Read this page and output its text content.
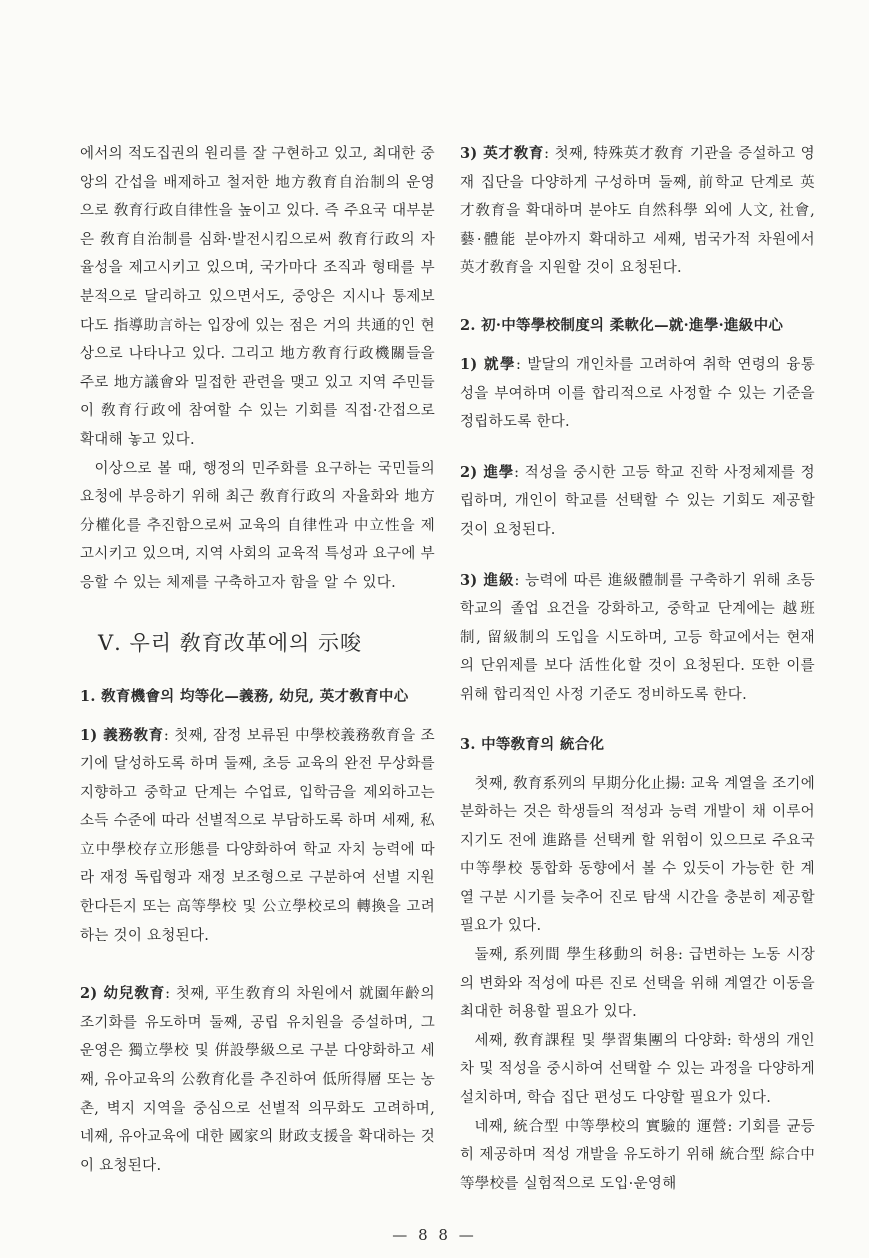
에서의 적도집권의 원리를 잘 구현하고 있고, 최대한 중앙의 간섭을 배제하고 철저한 地方敎育自治制의 운영으로 敎育行政自律性을 높이고 있다. 즉 주요국 대부분은 敎育自治制를 심화·발전시킴으로써 敎育行政의 자율성을 제고시키고 있으며, 국가마다 조직과 형태를 부분적으로 달리하고 있으면서도, 중앙은 지시나 통제보다도 指導助言하는 입장에 있는 점은 거의 共通的인 현상으로 나타나고 있다. 그리고 地方敎育行政機關들을 주로 地方議會와 밀접한 관련을 맺고 있고 지역 주민들이 敎育行政에 참여할 수 있는 기회를 직접·간접으로 확대해 놓고 있다.

이상으로 볼 때, 행정의 민주화를 요구하는 국민들의 요청에 부응하기 위해 최근 敎育行政의 자율화와 地方分權化를 추진함으로써 교육의 自律性과 中立性을 제고시키고 있으며, 지역 사회의 교육적 특성과 요구에 부응할 수 있는 체제를 구축하고자 함을 알 수 있다.

Ⅴ. 우리 敎育改革에의 示唆

1. 敎育機會의 均等化—義務, 幼兒, 英才敎育中心

1) 義務敎育: 첫째, 잠정 보류된 中學校義務敎育을 조기에 달성하도록 하며 둘째, 초등 교육의 완전 무상화를 지향하고 중학교 단계는 수업료, 입학금을 제외하고는 소득 수준에 따라 선별적으로 부담하도록 하며 세째, 私立中學校存立形態를 다양화하여 학교 자치 능력에 따라 재정 독립형과 재정 보조형으로 구분하여 선별 지원한다든지 또는 高等學校 및 公立學校로의 轉換을 고려하는 것이 요청된다.

2) 幼兒敎育: 첫째, 平生敎育의 차원에서 就園年齡의 조기화를 유도하며 둘째, 공립 유치원을 증설하며, 그 운영은 獨立學校 및 倂設學級으로 구분 다양화하고 세째, 유아교육의 公敎育化를 추진하여 低所得層 또는 농촌, 벽지 지역을 중심으로 선별적 의무화도 고려하며, 네째, 유아교육에 대한 國家의 財政支援을 확대하는 것이 요청된다.

3) 英才敎育: 첫째, 特殊英才敎育 기관을 증설하고 영재 집단을 다양하게 구성하며 둘째, 前학교 단계로 英才敎育을 확대하며 분야도 自然科學 외에 人文, 社會, 藝·體能 분야까지 확대하고 세째, 범국가적 차원에서 英才敎育을 지원할 것이 요청된다.

2. 初·中等學校制度의 柔軟化—就·進學·進級中心

1) 就學: 발달의 개인차를 고려하여 취학 연령의 융통성을 부여하며 이를 합리적으로 사정할 수 있는 기준을 정립하도록 한다.

2) 進學: 적성을 중시한 고등 학교 진학 사정체제를 정립하며, 개인이 학교를 선택할 수 있는 기회도 제공할 것이 요청된다.

3) 進級: 능력에 따른 進級體制를 구축하기 위해 초등 학교의 졸업 요건을 강화하고, 중학교 단계에는 越班制, 留級制의 도입을 시도하며, 고등 학교에서는 현재의 단위제를 보다 活性化할 것이 요청된다. 또한 이를 위해 합리적인 사정 기준도 정비하도록 한다.

3. 中等敎育의 統合化

첫째, 敎育系列의 早期分化止揚: 교육 계열을 조기에 분화하는 것은 학생들의 적성과 능력 개발이 채 이루어지기도 전에 進路를 선택케 할 위험이 있으므로 주요국 中等學校 통합화 동향에서 볼 수 있듯이 가능한 한 계열 구분 시기를 늦추어 진로 탐색 시간을 충분히 제공할 필요가 있다.

둘째, 系列間 學生移動의 허용: 급변하는 노동 시장의 변화와 적성에 따른 진로 선택을 위해 계열간 이동을 최대한 허용할 필요가 있다.

세째, 敎育課程 및 學習集團의 다양화: 학생의 개인차 및 적성을 중시하여 선택할 수 있는 과정을 다양하게 설치하며, 학습 집단 편성도 다양할 필요가 있다.

네째, 統合型 中等學校의 實驗的 運營: 기회를 균등히 제공하며 적성 개발을 유도하기 위해 統合型 綜合中等學校를 실험적으로 도입·운영해

— 8 8 —
